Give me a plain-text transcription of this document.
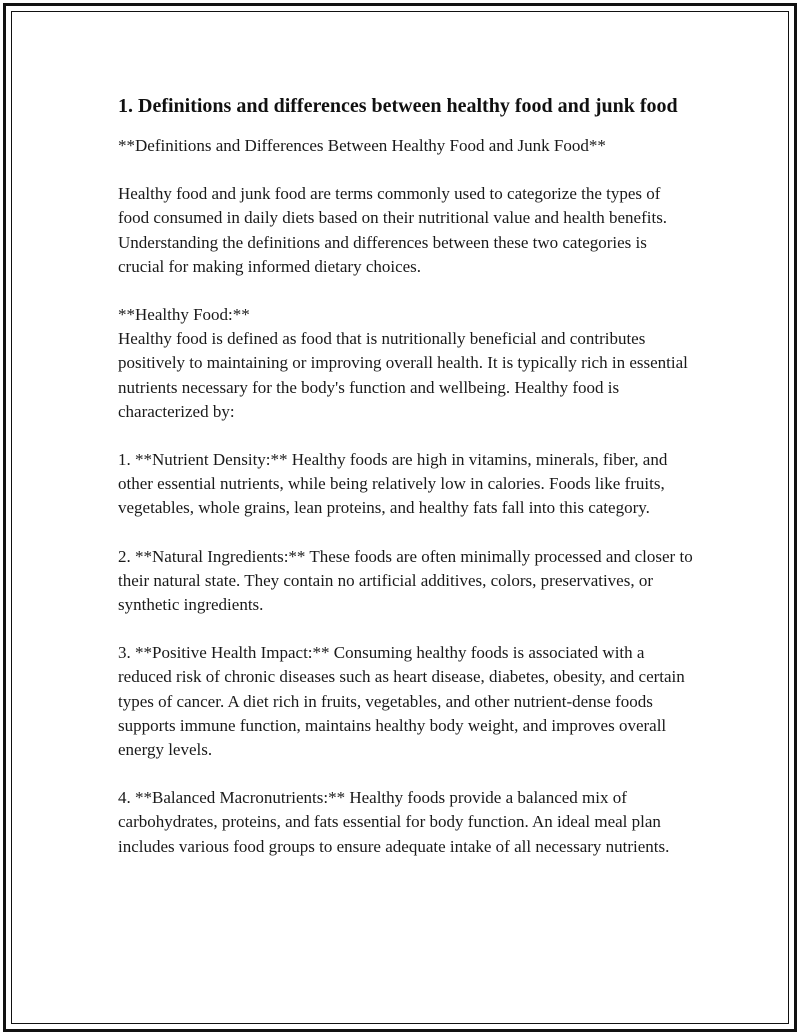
1. Definitions and differences between healthy food and junk food

**Definitions and Differences Between Healthy Food and Junk Food**

Healthy food and junk food are terms commonly used to categorize the types of food consumed in daily diets based on their nutritional value and health benefits. Understanding the definitions and differences between these two categories is crucial for making informed dietary choices.

**Healthy Food:**
Healthy food is defined as food that is nutritionally beneficial and contributes positively to maintaining or improving overall health. It is typically rich in essential nutrients necessary for the body's function and wellbeing. Healthy food is characterized by:

1. **Nutrient Density:** Healthy foods are high in vitamins, minerals, fiber, and other essential nutrients, while being relatively low in calories. Foods like fruits, vegetables, whole grains, lean proteins, and healthy fats fall into this category.

2. **Natural Ingredients:** These foods are often minimally processed and closer to their natural state. They contain no artificial additives, colors, preservatives, or synthetic ingredients.

3. **Positive Health Impact:** Consuming healthy foods is associated with a reduced risk of chronic diseases such as heart disease, diabetes, obesity, and certain types of cancer. A diet rich in fruits, vegetables, and other nutrient-dense foods supports immune function, maintains healthy body weight, and improves overall energy levels.

4. **Balanced Macronutrients:** Healthy foods provide a balanced mix of carbohydrates, proteins, and fats essential for body function. An ideal meal plan includes various food groups to ensure adequate intake of all necessary nutrients.
